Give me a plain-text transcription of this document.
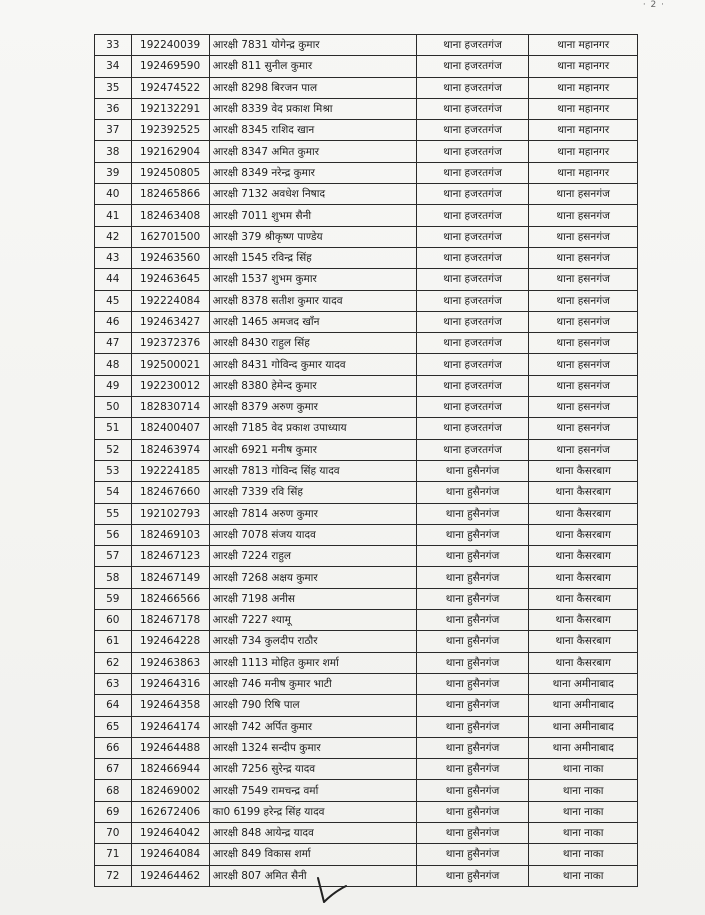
· 2 ·
33	192240039	आरक्षी 7831 योगेन्द्र कुमार	थाना हजरतगंज	थाना महानगर
34	192469590	आरक्षी 811 सुनील कुमार	थाना हजरतगंज	थाना महानगर
35	192474522	आरक्षी 8298 बिरजन पाल	थाना हजरतगंज	थाना महानगर
36	192132291	आरक्षी 8339 वेद प्रकाश मिश्रा	थाना हजरतगंज	थाना महानगर
37	192392525	आरक्षी 8345 राशिद खान	थाना हजरतगंज	थाना महानगर
38	192162904	आरक्षी 8347 अमित कुमार	थाना हजरतगंज	थाना महानगर
39	192450805	आरक्षी 8349 नरेन्द्र कुमार	थाना हजरतगंज	थाना महानगर
40	182465866	आरक्षी 7132 अवधेश निषाद	थाना हजरतगंज	थाना हसनगंज
41	182463408	आरक्षी 7011 शुभम सैनी	थाना हजरतगंज	थाना हसनगंज
42	162701500	आरक्षी 379 श्रीकृष्ण पाण्डेय	थाना हजरतगंज	थाना हसनगंज
43	192463560	आरक्षी 1545 रविन्द्र सिंह	थाना हजरतगंज	थाना हसनगंज
44	192463645	आरक्षी 1537 शुभम कुमार	थाना हजरतगंज	थाना हसनगंज
45	192224084	आरक्षी 8378 सतीश कुमार यादव	थाना हजरतगंज	थाना हसनगंज
46	192463427	आरक्षी 1465 अमजद खाँन	थाना हजरतगंज	थाना हसनगंज
47	192372376	आरक्षी 8430 राहुल सिंह	थाना हजरतगंज	थाना हसनगंज
48	192500021	आरक्षी 8431 गोविन्द कुमार यादव	थाना हजरतगंज	थाना हसनगंज
49	192230012	आरक्षी 8380 हेमेन्द कुमार	थाना हजरतगंज	थाना हसनगंज
50	182830714	आरक्षी 8379 अरुण कुमार	थाना हजरतगंज	थाना हसनगंज
51	182400407	आरक्षी 7185 वेद प्रकाश उपाध्याय	थाना हजरतगंज	थाना हसनगंज
52	182463974	आरक्षी 6921 मनीष कुमार	थाना हजरतगंज	थाना हसनगंज
53	192224185	आरक्षी 7813 गोविन्द सिंह यादव	थाना हुसैनगंज	थाना कैसरबाग
54	182467660	आरक्षी 7339 रवि सिंह	थाना हुसैनगंज	थाना कैसरबाग
55	192102793	आरक्षी 7814 अरुण कुमार	थाना हुसैनगंज	थाना कैसरबाग
56	182469103	आरक्षी 7078 संजय यादव	थाना हुसैनगंज	थाना कैसरबाग
57	182467123	आरक्षी 7224 राहुल	थाना हुसैनगंज	थाना कैसरबाग
58	182467149	आरक्षी 7268 अक्षय कुमार	थाना हुसैनगंज	थाना कैसरबाग
59	182466566	आरक्षी 7198 अनीस	थाना हुसैनगंज	थाना कैसरबाग
60	182467178	आरक्षी 7227 श्यामू	थाना हुसैनगंज	थाना कैसरबाग
61	192464228	आरक्षी 734 कुलदीप राठौर	थाना हुसैनगंज	थाना कैसरबाग
62	192463863	आरक्षी 1113 मोहित कुमार शर्मा	थाना हुसैनगंज	थाना कैसरबाग
63	192464316	आरक्षी 746 मनीष कुमार भाटी	थाना हुसैनगंज	थाना अमीनाबाद
64	192464358	आरक्षी 790 रिषि पाल	थाना हुसैनगंज	थाना अमीनाबाद
65	192464174	आरक्षी 742 अर्पित कुमार	थाना हुसैनगंज	थाना अमीनाबाद
66	192464488	आरक्षी 1324 सन्दीप कुमार	थाना हुसैनगंज	थाना अमीनाबाद
67	182466944	आरक्षी 7256 सुरेन्द्र यादव	थाना हुसैनगंज	थाना नाका
68	182469002	आरक्षी 7549 रामचन्द्र वर्मा	थाना हुसैनगंज	थाना नाका
69	162672406	का0 6199 हरेन्द्र सिंह यादव	थाना हुसैनगंज	थाना नाका
70	192464042	आरक्षी 848 आयेन्द्र यादव	थाना हुसैनगंज	थाना नाका
71	192464084	आरक्षी 849 विकास शर्मा	थाना हुसैनगंज	थाना नाका
72	192464462	आरक्षी 807 अमित सैनी	थाना हुसैनगंज	थाना नाका
